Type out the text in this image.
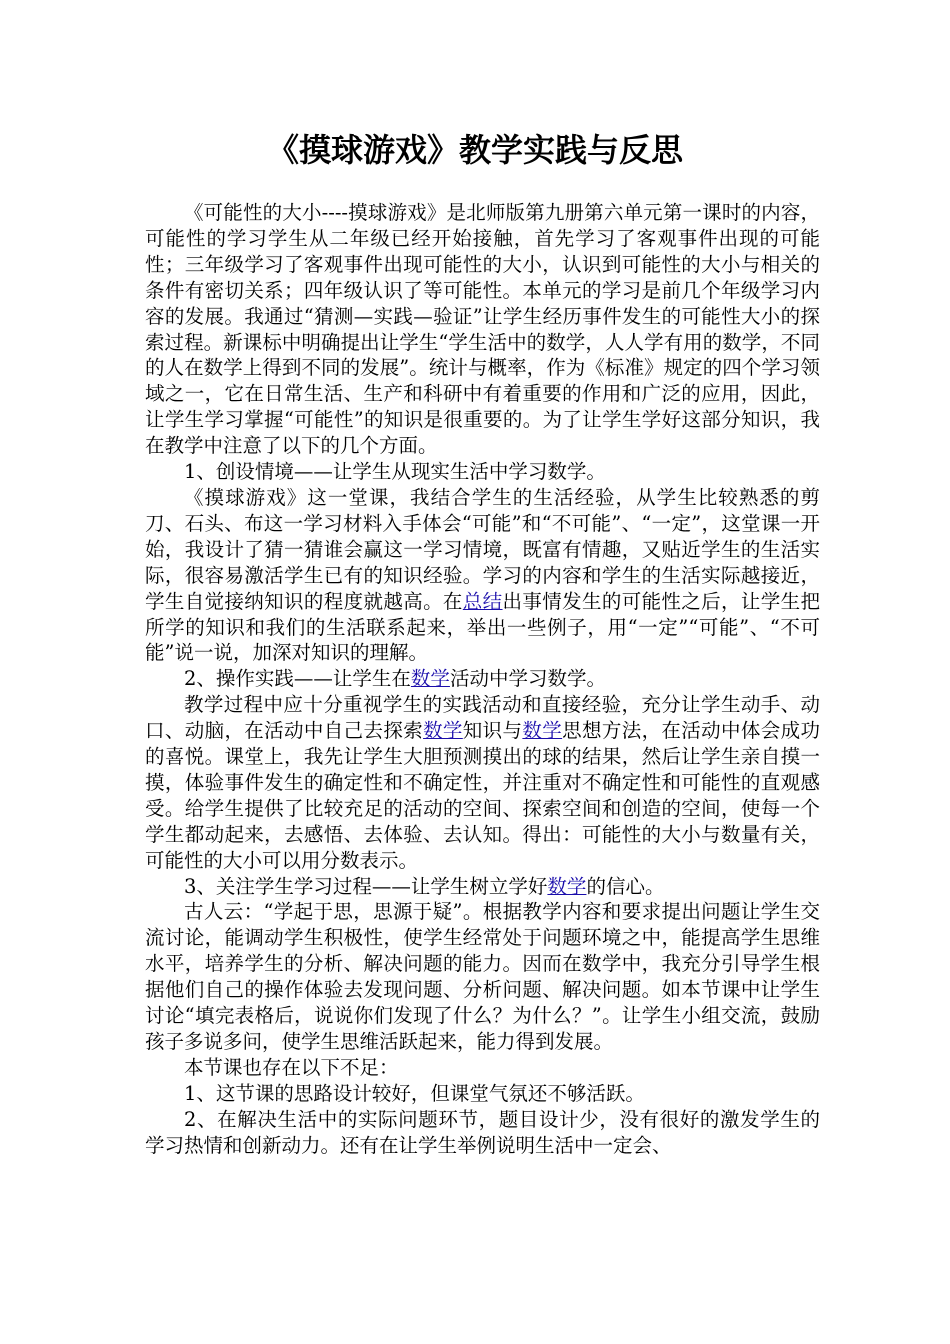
《摸球游戏》教学实践与反思

《可能性的大小----摸球游戏》是北师版第九册第六单元第一课时的内容，可能性的学习学生从二年级已经开始接触，首先学习了客观事件出现的可能性；三年级学习了客观事件出现可能性的大小，认识到可能性的大小与相关的条件有密切关系；四年级认识了等可能性。本单元的学习是前几个年级学习内容的发展。我通过“猜测—实践—验证”让学生经历事件发生的可能性大小的探索过程。新课标中明确提出让学生“学生活中的数学，人人学有用的数学，不同的人在数学上得到不同的发展”。统计与概率，作为《标准》规定的四个学习领域之一，它在日常生活、生产和科研中有着重要的作用和广泛的应用，因此，让学生学习掌握“可能性”的知识是很重要的。为了让学生学好这部分知识，我在教学中注意了以下的几个方面。

1、创设情境——让学生从现实生活中学习数学。

《摸球游戏》这一堂课，我结合学生的生活经验，从学生比较熟悉的剪刀、石头、布这一学习材料入手体会“可能”和“不可能”、“一定”，这堂课一开始，我设计了猜一猜谁会赢这一学习情境，既富有情趣，又贴近学生的生活实际，很容易激活学生已有的知识经验。学习的内容和学生的生活实际越接近，学生自觉接纳知识的程度就越高。在总结出事情发生的可能性之后，让学生把所学的知识和我们的生活联系起来，举出一些例子，用“一定”“可能”、“不可能”说一说，加深对知识的理解。

2、操作实践——让学生在数学活动中学习数学。

教学过程中应十分重视学生的实践活动和直接经验，充分让学生动手、动口、动脑，在活动中自己去探索数学知识与数学思想方法，在活动中体会成功的喜悦。课堂上，我先让学生大胆预测摸出的球的结果，然后让学生亲自摸一摸，体验事件发生的确定性和不确定性，并注重对不确定性和可能性的直观感受。给学生提供了比较充足的活动的空间、探索空间和创造的空间，使每一个学生都动起来，去感悟、去体验、去认知。得出：可能性的大小与数量有关，可能性的大小可以用分数表示。

3、关注学生学习过程——让学生树立学好数学的信心。

古人云：“学起于思，思源于疑”。根据教学内容和要求提出问题让学生交流讨论，能调动学生积极性，使学生经常处于问题环境之中，能提高学生思维水平，培养学生的分析、解决问题的能力。因而在数学中，我充分引导学生根据他们自己的操作体验去发现问题、分析问题、解决问题。如本节课中让学生讨论“填完表格后，说说你们发现了什么？为什么？”。让学生小组交流，鼓励孩子多说多问，使学生思维活跃起来，能力得到发展。

本节课也存在以下不足：

1、这节课的思路设计较好，但课堂气氛还不够活跃。

2、在解决生活中的实际问题环节，题目设计少，没有很好的激发学生的学习热情和创新动力。还有在让学生举例说明生活中一定会、
